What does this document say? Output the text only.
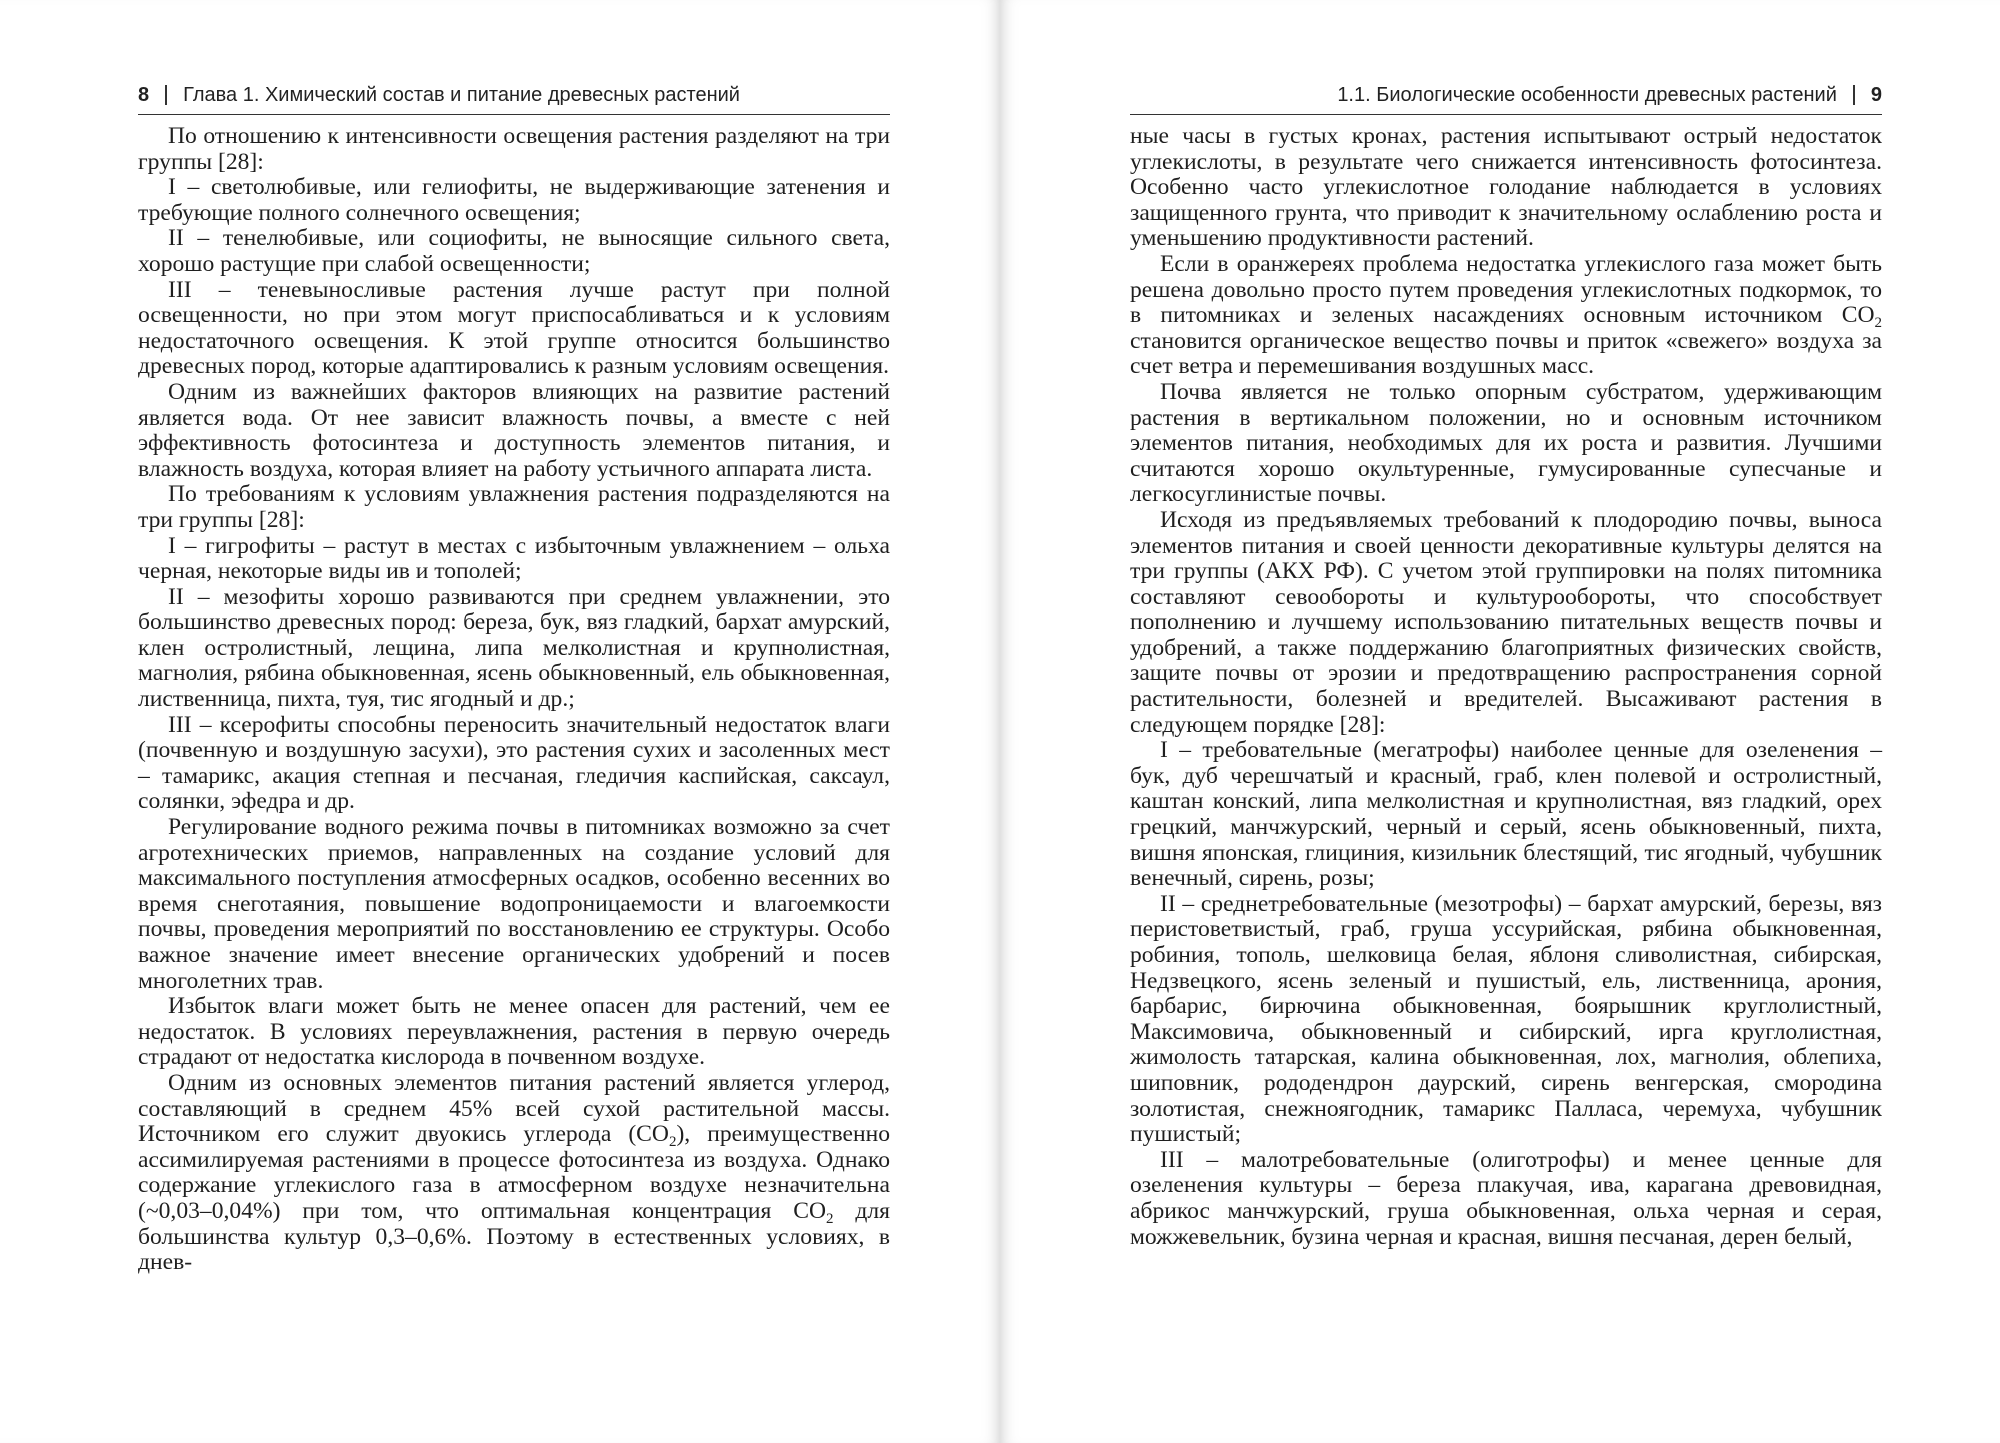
8 Глава 1. Химический состав и питание древесных растений

По отношению к интенсивности освещения растения разделяют на три группы [28]:

I – светолюбивые, или гелиофиты, не выдерживающие затенения и требующие полного солнечного освещения;

II – тенелюбивые, или социофиты, не выносящие сильного света, хорошо растущие при слабой освещенности;

III – теневыносливые растения лучше растут при полной освещенности, но при этом могут приспосабливаться и к условиям недостаточного освещения. К этой группе относится большинство древесных пород, которые адаптировались к разным условиям освещения.

Одним из важнейших факторов влияющих на развитие растений является вода. От нее зависит влажность почвы, а вместе с ней эффективность фотосинтеза и доступность элементов питания, и влажность воздуха, которая влияет на работу устьичного аппарата листа.

По требованиям к условиям увлажнения растения подразделяются на три группы [28]:

I – гигрофиты – растут в местах с избыточным увлажнением – ольха черная, некоторые виды ив и тополей;

II – мезофиты хорошо развиваются при среднем увлажнении, это большинство древесных пород: береза, бук, вяз гладкий, бархат амурский, клен остролистный, лещина, липа мелколистная и крупнолистная, магнолия, рябина обыкновенная, ясень обыкновенный, ель обыкновенная, лиственница, пихта, туя, тис ягодный и др.;

III – ксерофиты способны переносить значительный недостаток влаги (почвенную и воздушную засухи), это растения сухих и засоленных мест – тамарикс, акация степная и песчаная, гледичия каспийская, саксаул, солянки, эфедра и др.

Регулирование водного режима почвы в питомниках возможно за счет агротехнических приемов, направленных на создание условий для максимального поступления атмосферных осадков, особенно весенних во время снеготаяния, повышение водопроницаемости и влагоемкости почвы, проведения мероприятий по восстановлению ее структуры. Особо важное значение имеет внесение органических удобрений и посев многолетних трав.

Избыток влаги может быть не менее опасен для растений, чем ее недостаток. В условиях переувлажнения, растения в первую очередь страдают от недостатка кислорода в почвенном воздухе.

Одним из основных элементов питания растений является углерод, составляющий в среднем 45% всей сухой растительной массы. Источником его служит двуокись углерода $(CO_2)$, преимущественно ассимилируемая растениями в процессе фотосинтеза из воздуха. Однако содержание углекислого газа в атмосферном воздухе незначительна (~0,03–0,04%) при том, что оптимальная концентрация $CO_2$ для большинства культур 0,3–0,6%. Поэтому в естественных условиях, в днев-

1.1. Биологические особенности древесных растений 9

ные часы в густых кронах, растения испытывают острый недостаток углекислоты, в результате чего снижается интенсивность фотосинтеза. Особенно часто углекислотное голодание наблюдается в условиях защищенного грунта, что приводит к значительному ослаблению роста и уменьшению продуктивности растений.

Если в оранжереях проблема недостатка углекислого газа может быть решена довольно просто путем проведения углекислотных подкормок, то в питомниках и зеленых насаждениях основным источником $CO_2$ становится органическое вещество почвы и приток «свежего» воздуха за счет ветра и перемешивания воздушных масс.

Почва является не только опорным субстратом, удерживающим растения в вертикальном положении, но и основным источником элементов питания, необходимых для их роста и развития. Лучшими считаются хорошо окультуренные, гумусированные супесчаные и легкосуглинистые почвы.

Исходя из предъявляемых требований к плодородию почвы, выноса элементов питания и своей ценности декоративные культуры делятся на три группы (АКХ РФ). С учетом этой группировки на полях питомника составляют севообороты и культурообороты, что способствует пополнению и лучшему использованию питательных веществ почвы и удобрений, а также поддержанию благоприятных физических свойств, защите почвы от эрозии и предотвращению распространения сорной растительности, болезней и вредителей. Высаживают растения в следующем порядке [28]:

I – требовательные (мегатрофы) наиболее ценные для озеленения – бук, дуб черешчатый и красный, граб, клен полевой и остролистный, каштан конский, липа мелколистная и крупнолистная, вяз гладкий, орех грецкий, манчжурский, черный и серый, ясень обыкновенный, пихта, вишня японская, глициния, кизильник блестящий, тис ягодный, чубушник венечный, сирень, розы;

II – среднетребовательные (мезотрофы) – бархат амурский, березы, вяз перистоветвистый, граб, груша уссурийская, рябина обыкновенная, робиния, тополь, шелковица белая, яблоня сливолистная, сибирская, Недзвецкого, ясень зеленый и пушистый, ель, лиственница, арония, барбарис, бирючина обыкновенная, боярышник круглолистный, Максимовича, обыкновенный и сибирский, ирга круглолистная, жимолость татарская, калина обыкновенная, лох, магнолия, облепиха, шиповник, рододендрон даурский, сирень венгерская, смородина золотистая, снежноягодник, тамарикс Палласа, черемуха, чубушник пушистый;

III – малотребовательные (олиготрофы) и менее ценные для озеленения культуры – береза плакучая, ива, карагана древовидная, абрикос манчжурский, груша обыкновенная, ольха черная и серая, можжевельник, бузина черная и красная, вишня песчаная, дерен белый,
